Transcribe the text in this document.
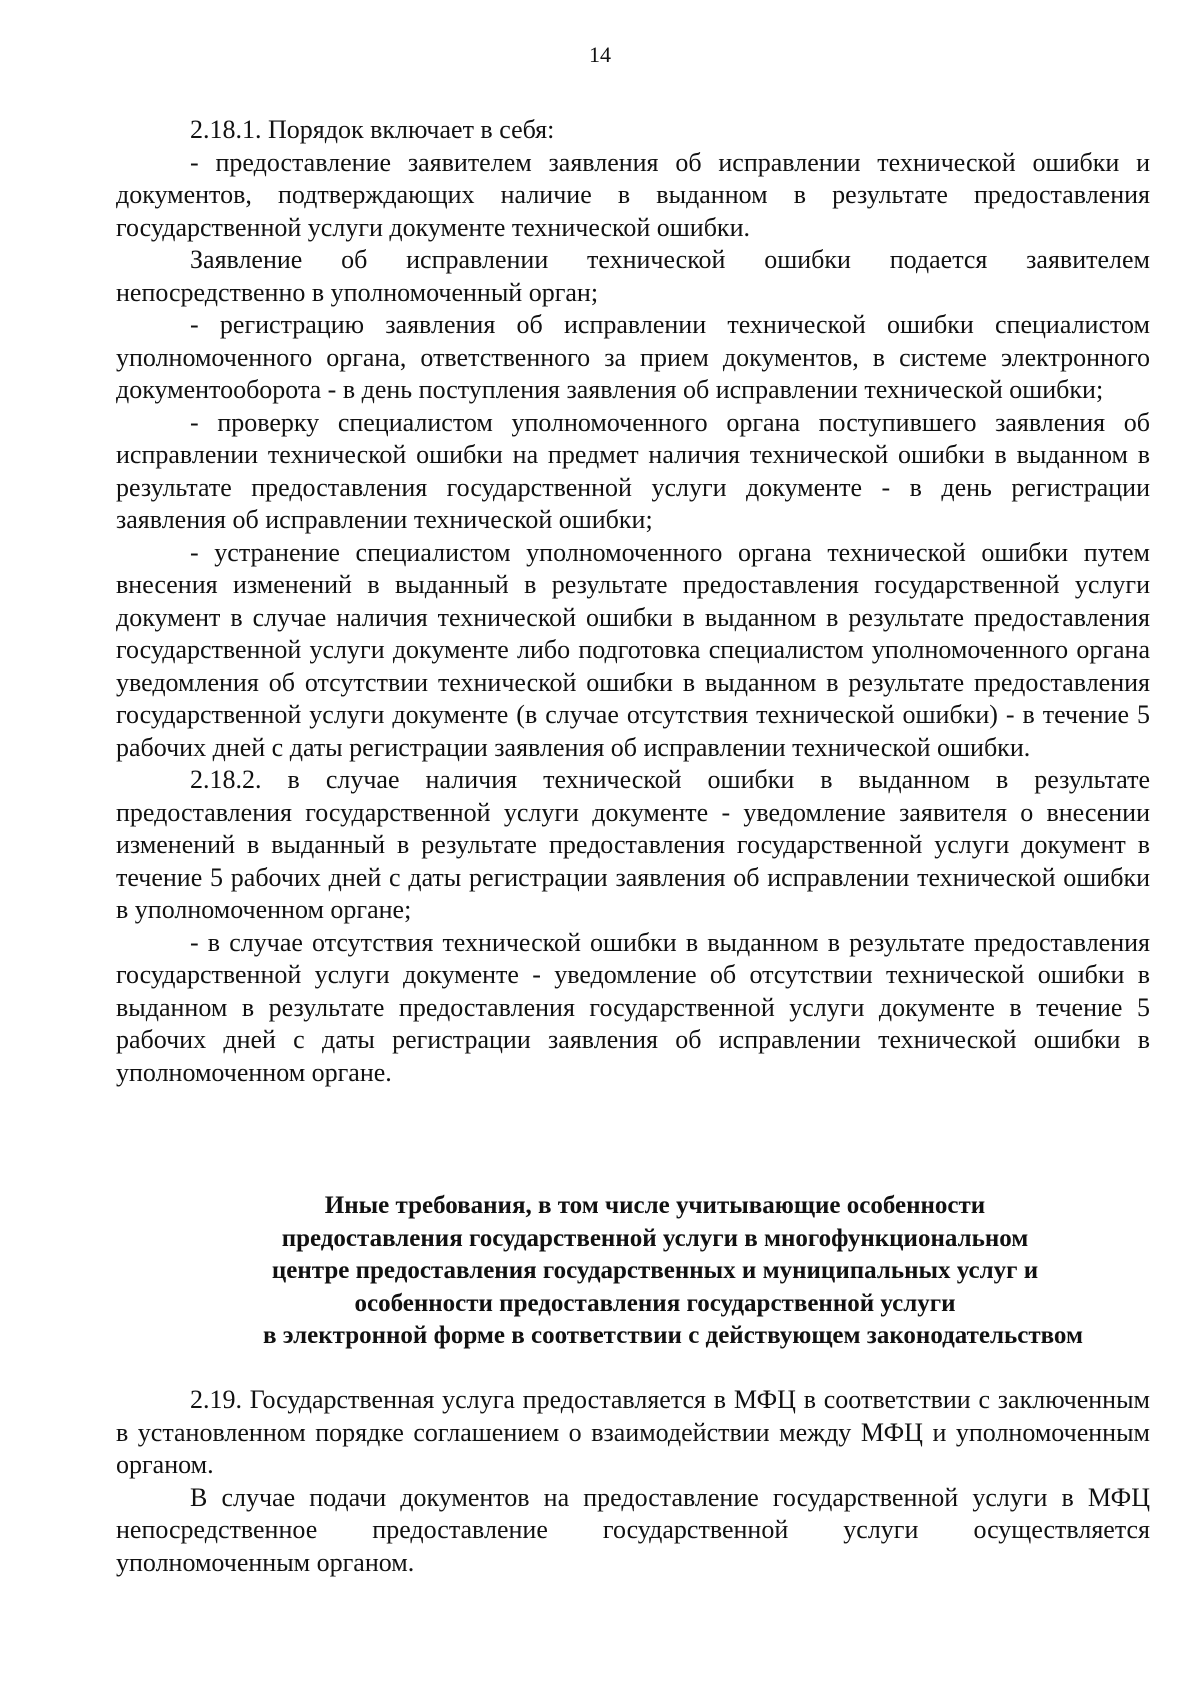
14

2.18.1. Порядок включает в себя:

- предоставление заявителем заявления об исправлении технической ошибки и документов, подтверждающих наличие в выданном в результате предоставления государственной услуги документе технической ошибки.

Заявление об исправлении технической ошибки подается заявителем непосредственно в уполномоченный орган;

- регистрацию заявления об исправлении технической ошибки специалистом уполномоченного органа, ответственного за прием документов, в системе электронного документооборота - в день поступления заявления об исправлении технической ошибки;

- проверку специалистом уполномоченного органа поступившего заявления об исправлении технической ошибки на предмет наличия технической ошибки в выданном в результате предоставления государственной услуги документе - в день регистрации заявления об исправлении технической ошибки;

- устранение специалистом уполномоченного органа технической ошибки путем внесения изменений в выданный в результате предоставления государственной услуги документ в случае наличия технической ошибки в выданном в результате предоставления государственной услуги документе либо подготовка специалистом уполномоченного органа уведомления об отсутствии технической ошибки в выданном в результате предоставления государственной услуги документе (в случае отсутствия технической ошибки) - в течение 5 рабочих дней с даты регистрации заявления об исправлении технической ошибки.

2.18.2. в случае наличия технической ошибки в выданном в результате предоставления государственной услуги документе - уведомление заявителя о внесении изменений в выданный в результате предоставления государственной услуги документ в течение 5 рабочих дней с даты регистрации заявления об исправлении технической ошибки в уполномоченном органе;

- в случае отсутствия технической ошибки в выданном в результате предоставления государственной услуги документе - уведомление об отсутствии технической ошибки в выданном в результате предоставления государственной услуги документе в течение 5 рабочих дней с даты регистрации заявления об исправлении технической ошибки в уполномоченном органе.

Иные требования, в том числе учитывающие особенности
предоставления государственной услуги в многофункциональном
центре предоставления государственных и муниципальных услуг и
особенности предоставления государственной услуги
в электронной форме в соответствии с действующем законодательством

2.19. Государственная услуга предоставляется в МФЦ в соответствии с заключенным в установленном порядке соглашением о взаимодействии между МФЦ и уполномоченным органом.

В случае подачи документов на предоставление государственной услуги в МФЦ непосредственное предоставление государственной услуги осуществляется уполномоченным органом.
